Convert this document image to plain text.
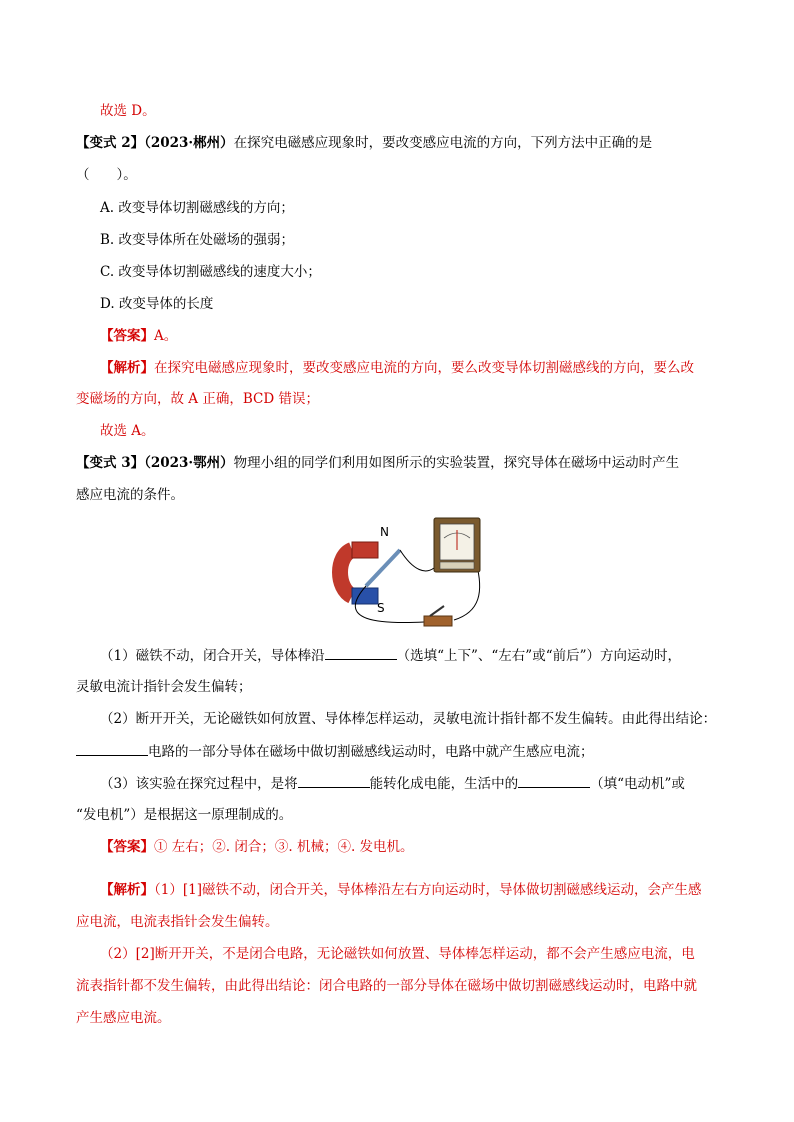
故选 D。
【变式 2】（2023·郴州）在探究电磁感应现象时，要改变感应电流的方向，下列方法中正确的是
（　　）。
A. 改变导体切割磁感线的方向；
B. 改变导体所在处磁场的强弱；
C. 改变导体切割磁感线的速度大小；
D. 改变导体的长度
【答案】A。
【解析】在探究电磁感应现象时，要改变感应电流的方向，要么改变导体切割磁感线的方向，要么改
变磁场的方向，故 A 正确，BCD 错误；
故选 A。
【变式 3】（2023·鄂州）物理小组的同学们利用如图所示的实验装置，探究导体在磁场中运动时产生
感应电流的条件。
N
S
（1）磁铁不动，闭合开关，导体棒沿	（选填“上下”、“左右”或“前后”）方向运动时，
灵敏电流计指针会发生偏转；
（2）断开开关，无论磁铁如何放置、导体棒怎样运动，灵敏电流计指针都不发生偏转。由此得出结论：
电路的一部分导体在磁场中做切割磁感线运动时，电路中就产生感应电流；
（3）该实验在探究过程中，是将	能转化成电能，生活中的	（填“电动机”或
“发电机”）是根据这一原理制成的。
【答案】① 左右；②. 闭合；③. 机械；④. 发电机。
【解析】（1）[1]磁铁不动，闭合开关，导体棒沿左右方向运动时，导体做切割磁感线运动，会产生感
应电流，电流表指针会发生偏转。
（2）[2]断开开关，不是闭合电路，无论磁铁如何放置、导体棒怎样运动，都不会产生感应电流，电
流表指针都不发生偏转，由此得出结论：闭合电路的一部分导体在磁场中做切割磁感线运动时，电路中就
产生感应电流。
